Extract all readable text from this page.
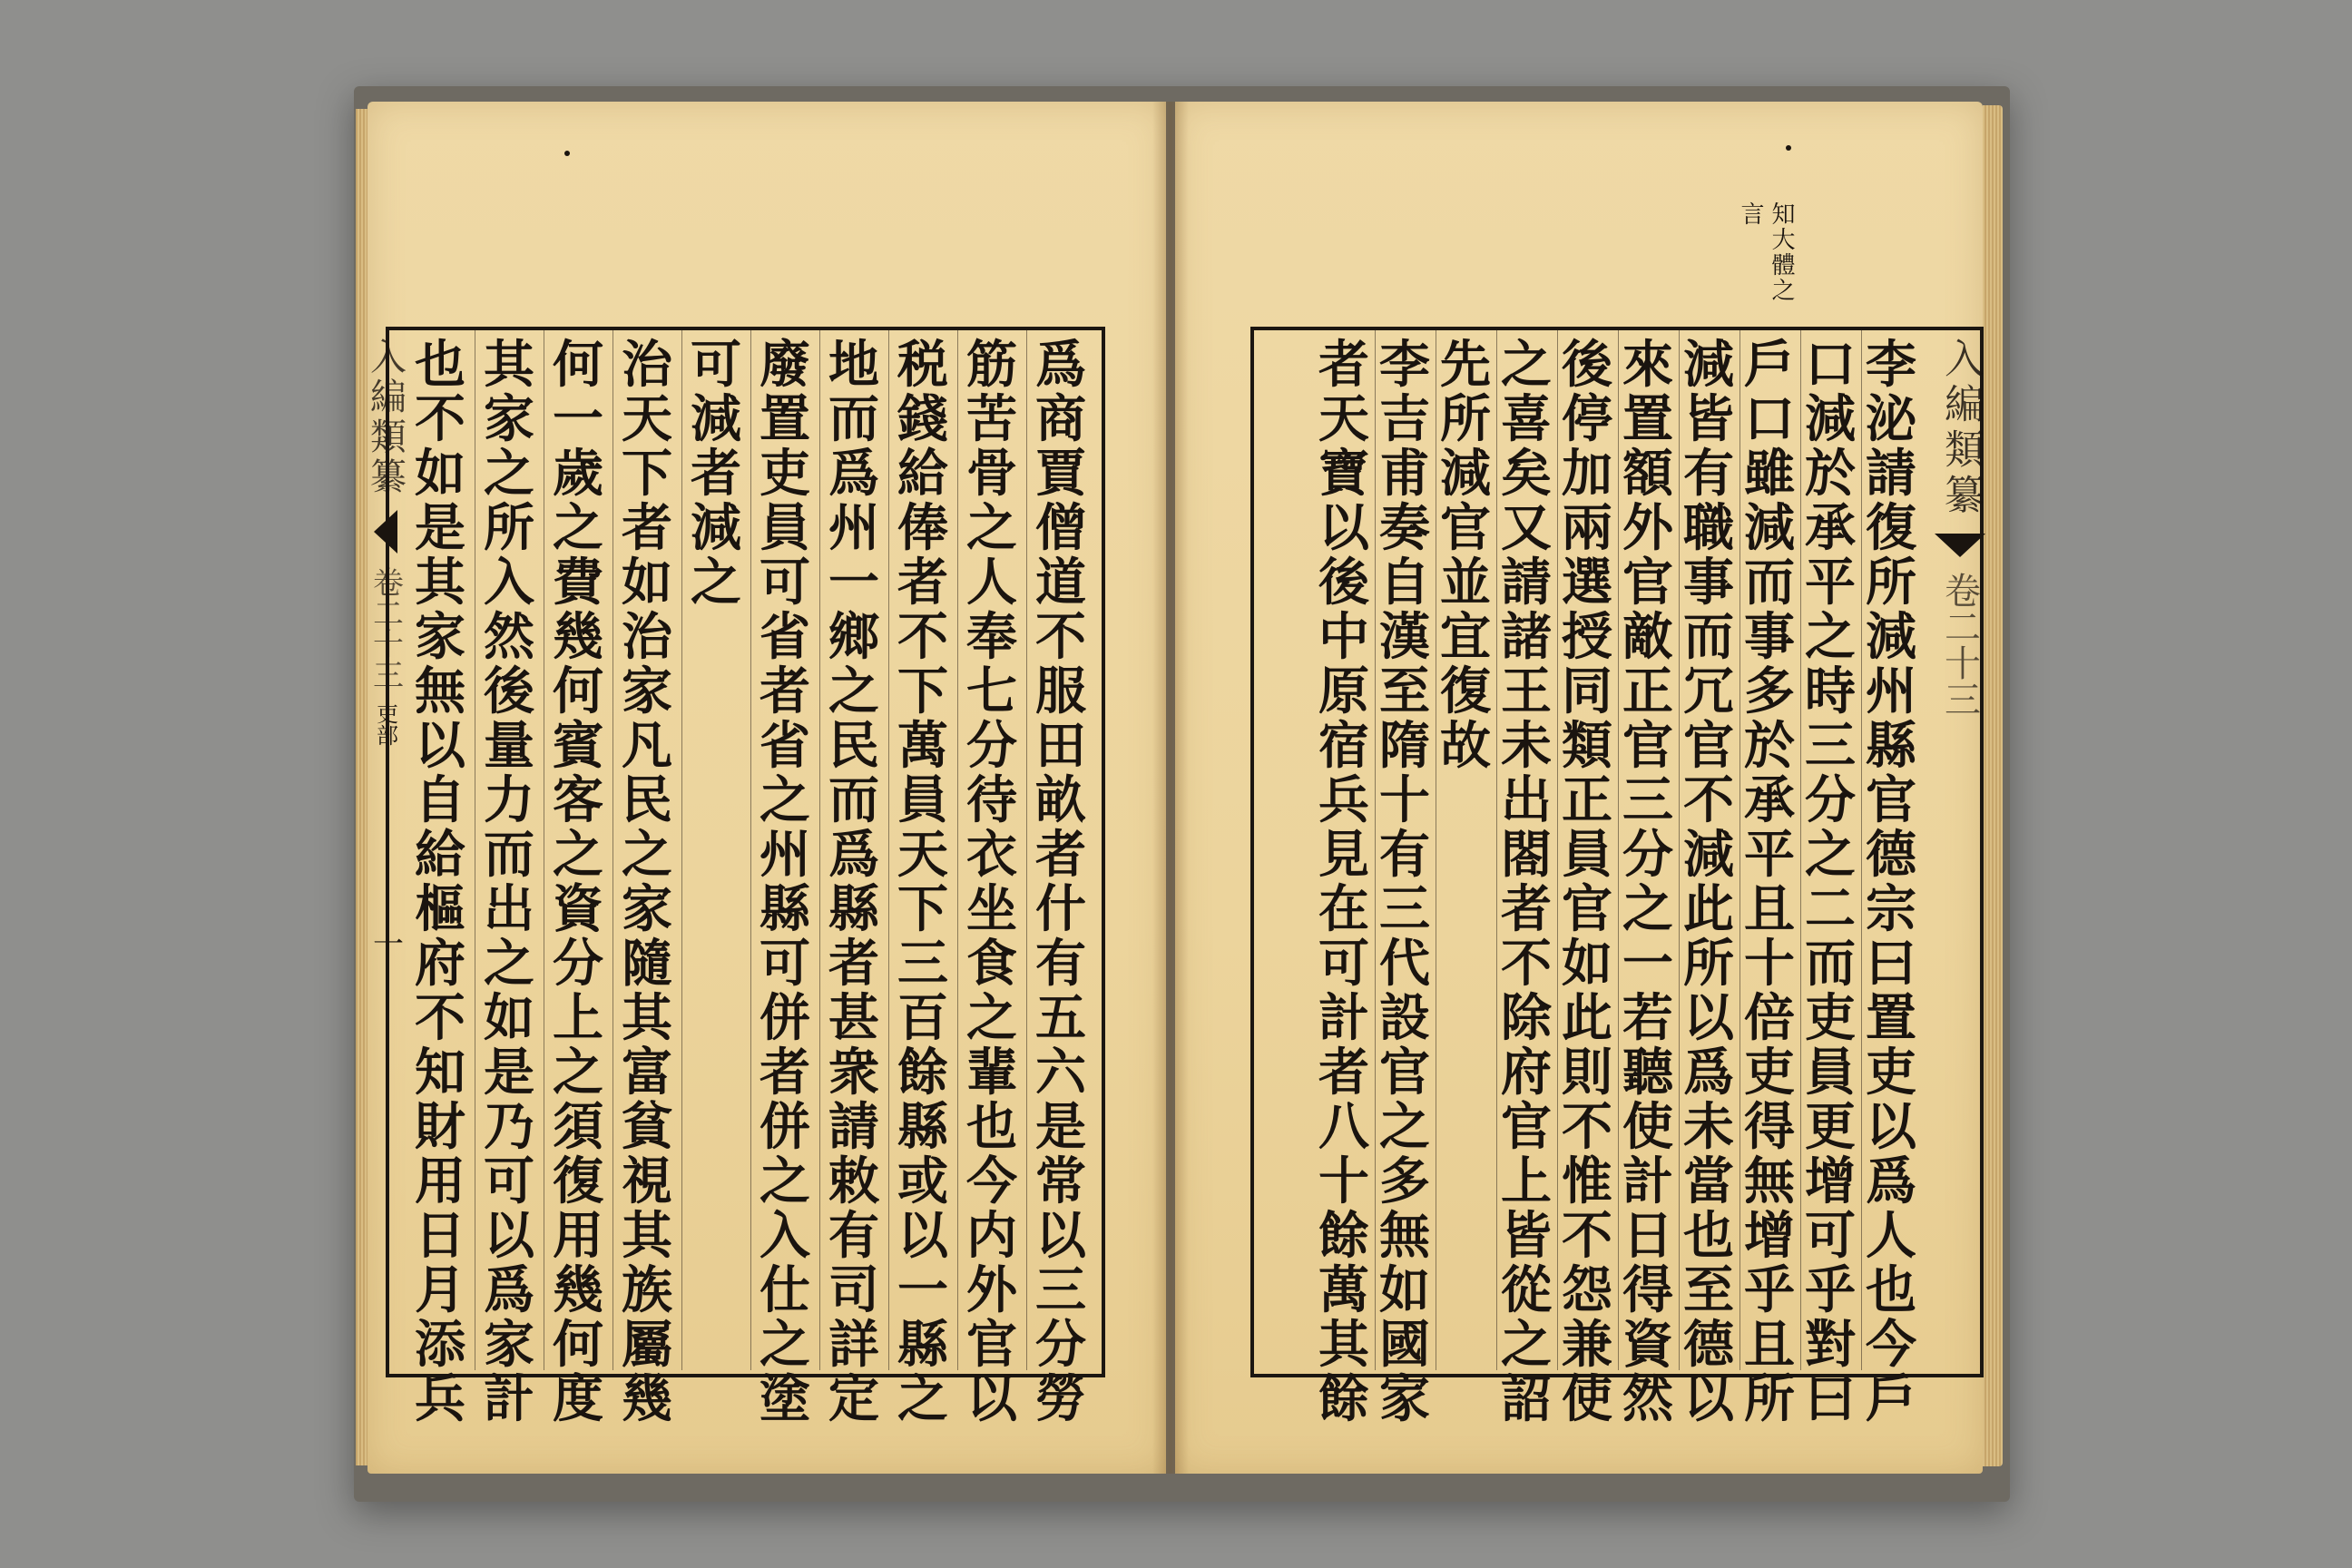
知大體之
言
入編類纂
卷二十三
入編類纂
卷二十三
吏部
一
爲
商
賈
僧
道
不
服
田
畝
者
什
有
五
六
是
常
以
三
分
勞
筋
苦
骨
之
人
奉
七
分
待
衣
坐
食
之
輩
也
今
内
外
官
以
税
錢
給
俸
者
不
下
萬
員
天
下
三
百
餘
縣
或
以
一
縣
之
地
而
爲
州
一
鄉
之
民
而
爲
縣
者
甚
衆
請
敕
有
司
詳
定
廢
置
吏
員
可
省
者
省
之
州
縣
可
併
者
併
之
入
仕
之
塗
可
減
者
減
之
治
天
下
者
如
治
家
凡
民
之
家
隨
其
富
貧
視
其
族
屬
幾
何
一
歲
之
費
幾
何
賓
客
之
資
分
上
之
須
復
用
幾
何
度
其
家
之
所
入
然
後
量
力
而
出
之
如
是
乃
可
以
爲
家
計
也
不
如
是
其
家
無
以
自
給
樞
府
不
知
財
用
日
月
添
兵
李
泌
請
復
所
減
州
縣
官
德
宗
曰
置
吏
以
爲
人
也
今
戶
口
減
於
承
平
之
時
三
分
之
二
而
吏
員
更
增
可
乎
對
曰
戶
口
雖
減
而
事
多
於
承
平
且
十
倍
吏
得
無
增
乎
且
所
減
皆
有
職
事
而
冗
官
不
減
此
所
以
爲
未
當
也
至
德
以
來
置
額
外
官
敵
正
官
三
分
之
一
若
聽
使
計
日
得
資
然
後
停
加
兩
選
授
同
類
正
員
官
如
此
則
不
惟
不
怨
兼
使
之
喜
矣
又
請
諸
王
未
出
閤
者
不
除
府
官
上
皆
從
之
詔
先
所
減
官
並
宜
復
故
李
吉
甫
奏
自
漢
至
隋
十
有
三
代
設
官
之
多
無
如
國
家
者
天
寶
以
後
中
原
宿
兵
見
在
可
計
者
八
十
餘
萬
其
餘
